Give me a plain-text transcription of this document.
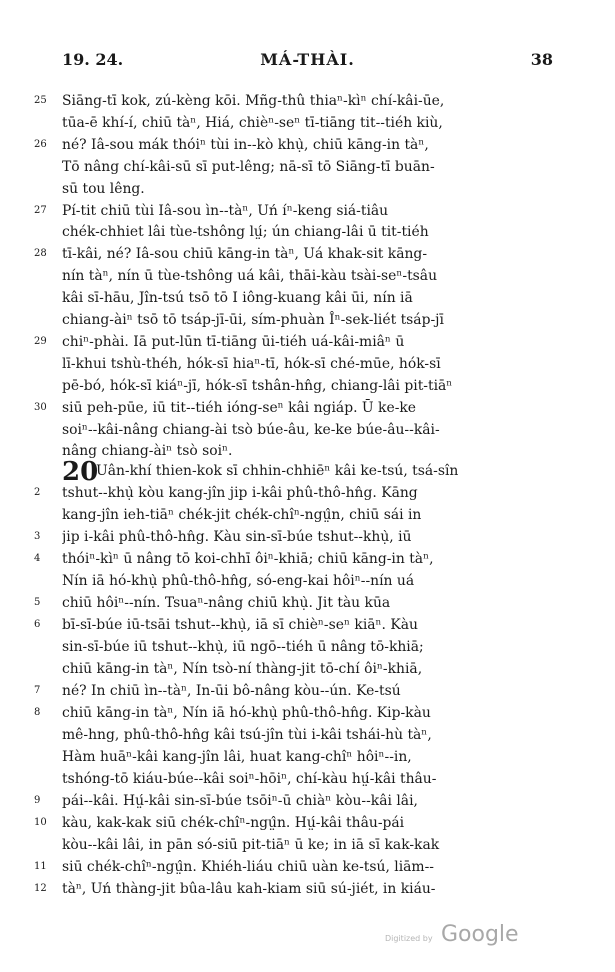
19. 24.	MÁ-THÀI.	38
25	Siāng-tī kok, zú-kèng kōi. Mñg-thû thiaⁿ-kìⁿ chí-kâi-ūe,
tūa-ē khí-í, chiū tàⁿ, Hiá, chièⁿ-seⁿ tī-tiāng tit--tiéh kiù,
26	né? Iâ-sou mák thóiⁿ tùi in--kò khụ̀, chiū kāng-in tàⁿ,
Tō nâng chí-kâi-sū sī put-lêng; nā-sī tō Siāng-tī buān-
sū tou lêng.
27	Pí-tit chiū tùi Iâ-sou ìn--tàⁿ, Uń íⁿ-keng siá-tiâu
chék-chhiet lâi tùe-tshông lṳ́; ún chiang-lâi ū tit-tiéh
28	tī-kâi, né? Iâ-sou chiū kāng-in tàⁿ, Uá khak-sit kāng-
nín tàⁿ, nín ū tùe-tshông uá kâi, thāi-kàu tsài-seⁿ-tsâu
kâi sī-hāu, Jîn-tsú tsō tō I iông-kuang kâi ūi, nín iā
chiang-àiⁿ tsō tō tsáp-jī-ūi, sím-phuàn Îⁿ-sek-liét tsáp-jī
29	chiⁿ-phài. Iā put-lūn tī-tiāng ūi-tiéh uá-kâi-miâⁿ ū
lī-khui tshù-théh, hók-sī hiaⁿ-tī, hók-sī ché-mūe, hók-sī
pē-bó, hók-sī kiáⁿ-jī, hók-sī tshân-hn̂g, chiang-lâi pit-tiāⁿ
30	siū peh-pūe, iū tit--tiéh ióng-seⁿ kâi ngiáp. Ū ke-ke
soiⁿ--kâi-nâng chiang-ài tsò búe-âu, ke-ke búe-âu--kâi-
nâng chiang-àiⁿ tsò soiⁿ.
Uân-khí thien-kok sī chhin-chhiēⁿ kâi ke-tsú, tsá-sîn
2	tshut--khụ̀ kòu kang-jîn jip i-kâi phû-thô-hn̂g. Kāng
kang-jîn ieh-tiāⁿ chék-jit chék-chîⁿ-ngṳ̂n, chiū sái in
3	jip i-kâi phû-thô-hn̂g. Kàu sin-sī-búe tshut--khụ̀, iū
4	thóiⁿ-kìⁿ ū nâng tō koi-chhī ôiⁿ-khiā; chiū kāng-in tàⁿ,
Nín iā hó-khụ̀ phû-thô-hn̂g, só-eng-kai hôiⁿ--nín uá
5	chiū hôiⁿ--nín. Tsuaⁿ-nâng chiū khụ̀. Jit tàu kūa
6	bī-sī-búe iū-tsāi tshut--khụ̀, iā sī chièⁿ-seⁿ kiāⁿ. Kàu
sin-sī-búe iū tshut--khụ̀, iū ngō--tiéh ū nâng tō-khiā;
chiū kāng-in tàⁿ, Nín tsò-ní thàng-jit tō-chí ôiⁿ-khiā,
7	né? In chiū ìn--tàⁿ, In-ūi bô-nâng kòu--ún. Ke-tsú
8	chiū kāng-in tàⁿ, Nín iā hó-khụ̀ phû-thô-hn̂g. Kip-kàu
mê-hng, phû-thô-hn̂g kâi tsú-jîn tùi i-kâi tshái-hù tàⁿ,
Hàm huāⁿ-kâi kang-jîn lâi, huat kang-chîⁿ hôiⁿ--in,
tshóng-tō kiáu-búe--kâi soiⁿ-hōiⁿ, chí-kàu hṳ́-kâi thâu-
9	pái--kâi. Hṳ́-kâi sin-sī-búe tsōiⁿ-ū chiàⁿ kòu--kâi lâi,
10	kàu, kak-kak siū chék-chîⁿ-ngṳ̂n. Hṳ́-kâi thâu-pái
kòu--kâi lâi, in pān só-siū pit-tiāⁿ ū ke; in iā sī kak-kak
11	siū chék-chîⁿ-ngṳ̂n. Khiéh-liáu chiū uàn ke-tsú, liām--
12	tàⁿ, Uń thàng-jit bûa-lâu kah-kiam siū sú-jiét, in kiáu-
20
Digitized by Google
